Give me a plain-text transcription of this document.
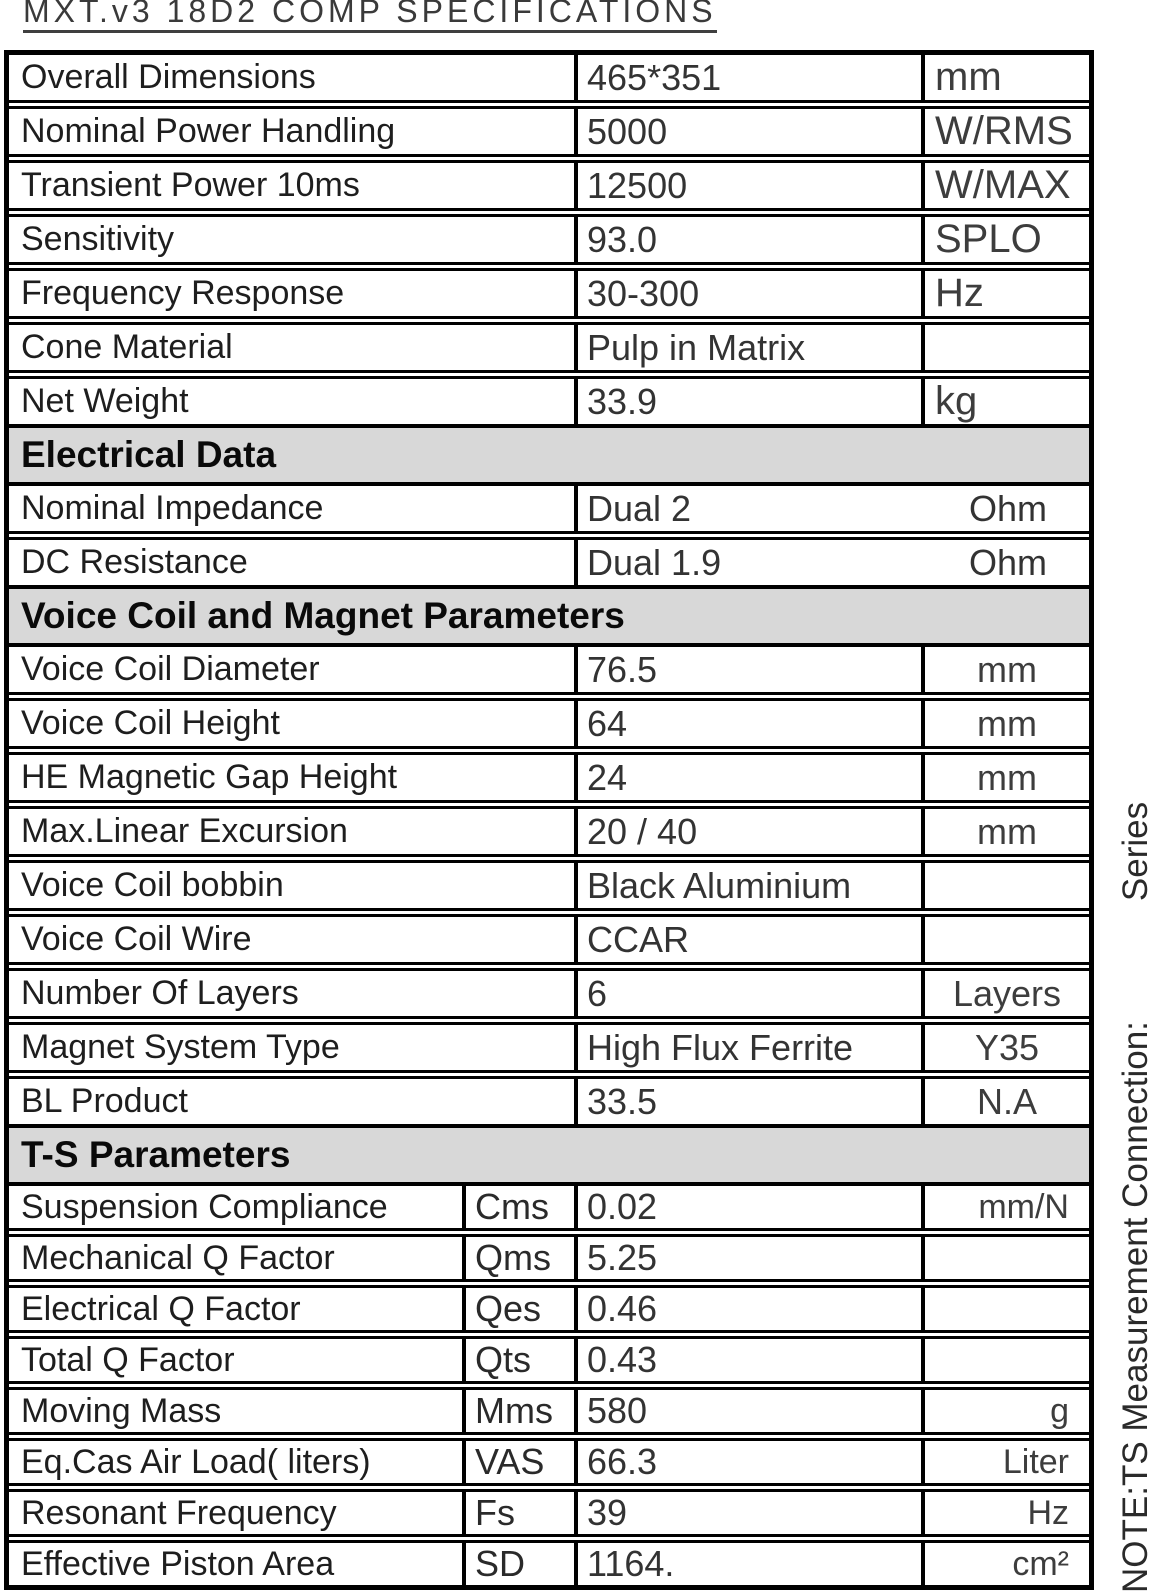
MXT.v3 18D2 COMP SPECIFICATIONS
Overall Dimensions	465*351	mm
Nominal Power Handling	5000	W/RMS
Transient Power 10ms	12500	W/MAX
Sensitivity	93.0	SPLO
Frequency Response	30-300	Hz
Cone Material	Pulp in Matrix
Net Weight	33.9	kg
Electrical Data
Nominal Impedance	Dual 2	Ohm
DC Resistance	Dual 1.9	Ohm
Voice Coil and Magnet Parameters
Voice Coil Diameter	76.5	mm
Voice Coil Height	64	mm
HE Magnetic Gap Height	24	mm
Max.Linear Excursion	20 / 40	mm
Voice Coil bobbin	Black Aluminium
Voice Coil Wire	CCAR
Number Of Layers	6	Layers
Magnet System Type	High Flux Ferrite	Y35
BL Product	33.5	N.A
T-S Parameters
Suspension Compliance	Cms	0.02	mm/N
Mechanical Q Factor	Qms	5.25
Electrical Q Factor	Qes	0.46
Total Q Factor	Qts	0.43
Moving Mass	Mms 580	g
Eq.Cas Air Load( liters)	VAS	66.3	Liter
Resonant Frequency	Fs	39	Hz
Effective Piston Area	SD	1164.	cm²	NOTE:TS Measurement Connection:Series
